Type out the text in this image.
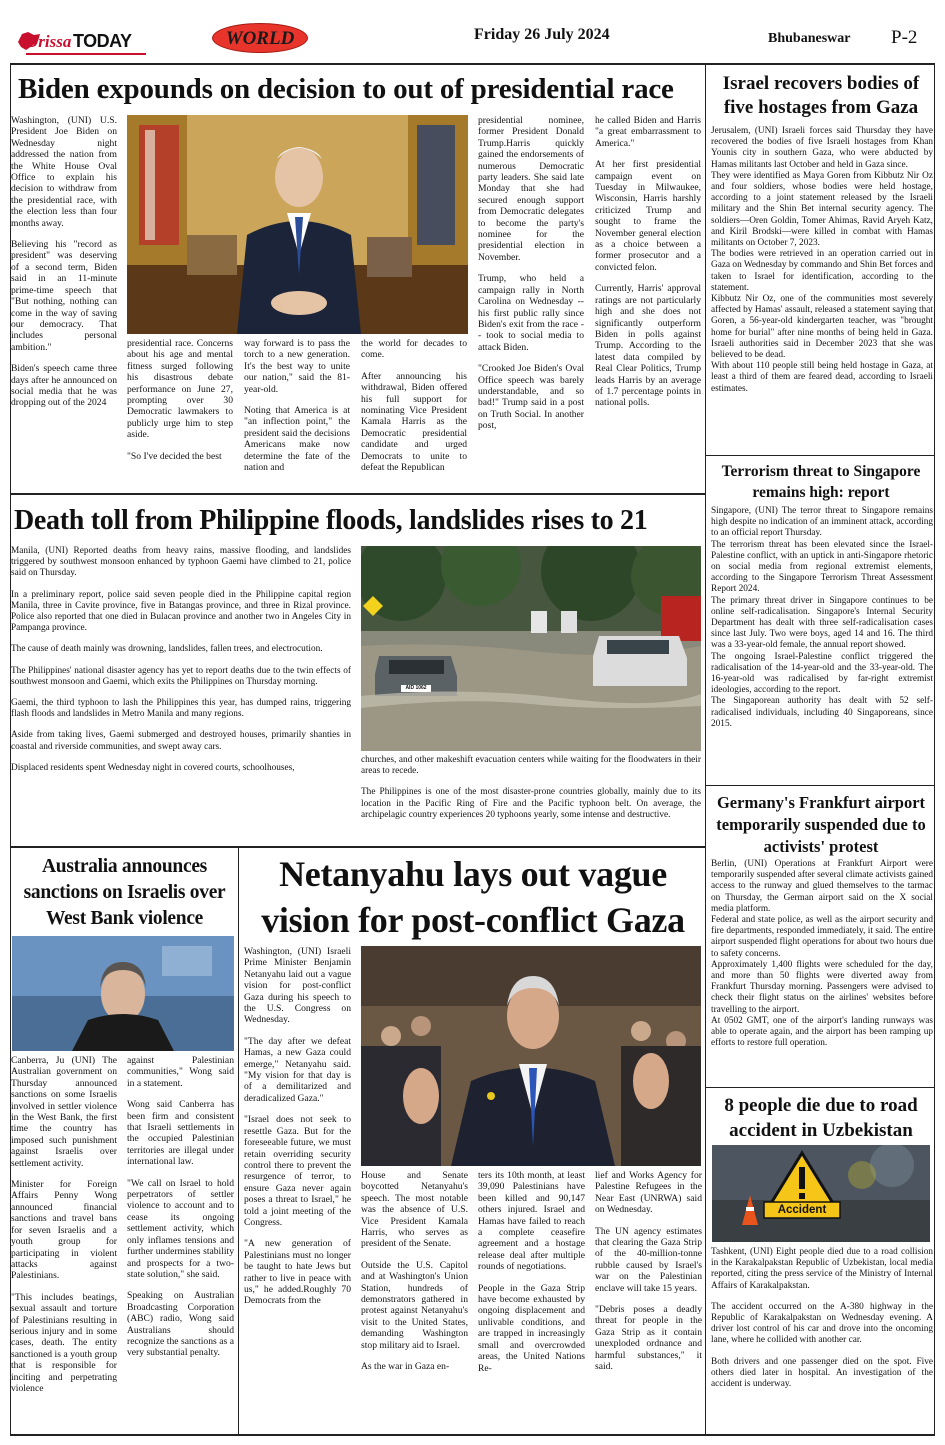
Orissa TODAY	WORLD	Friday 26 July 2024	Bhubaneswar P-2
Biden expounds on decision to out of presidential race

Washington, (UNI) U.S. President Joe Biden on Wednesday night addressed the nation from the White House Oval Office to explain his decision to withdraw from the presidential race, with the election less than four months away.

Believing his "record as president" was deserving of a second term, Biden said in an 11-minute prime-time speech that "But nothing, nothing can come in the way of saving our democracy. That includes personal ambition."

Biden's speech came three days after he announced on social media that he was dropping out of the 2024

presidential race. Concerns about his age and mental fitness surged following his disastrous debate performance on June 27, prompting over 30 Democratic lawmakers to publicly urge him to step aside.

"So I've decided the best

way forward is to pass the torch to a new generation. It's the best way to unite our nation," said the 81-year-old.

Noting that America is at "an inflection point," the president said the decisions Americans make now determine the fate of the nation and

the world for decades to come.

After announcing his withdrawal, Biden offered his full support for nominating Vice President Kamala Harris as the Democratic presidential candidate and urged Democrats to unite to defeat the Republican

presidential nominee, former President Donald Trump.Harris quickly gained the endorsements of numerous Democratic party leaders. She said late Monday that she had secured enough support from Democratic delegates to become the party's nominee for the presidential election in November.

Trump, who held a campaign rally in North Carolina on Wednesday -- his first public rally since Biden's exit from the race -- took to social media to attack Biden.

"Crooked Joe Biden's Oval Office speech was barely understandable, and so bad!" Trump said in a post on Truth Social. In another post,

he called Biden and Harris "a great embarrassment to America."

At her first presidential campaign event on Tuesday in Milwaukee, Wisconsin, Harris harshly criticized Trump and sought to frame the November general election as a choice between a former prosecutor and a convicted felon.

Currently, Harris' approval ratings are not particularly high and she does not significantly outperform Biden in polls against Trump. According to the latest data compiled by Real Clear Politics, Trump leads Harris by an average of 1.7 percentage points in national polls.

Israel recovers bodies of five hostages from Gaza

Jerusalem, (UNI) Israeli forces said Thursday they have recovered the bodies of five Israeli hostages from Khan Younis city in southern Gaza, who were abducted by Hamas militants last October and held in Gaza since.

They were identified as Maya Goren from Kibbutz Nir Oz and four soldiers, whose bodies were held hostage, according to a joint statement released by the Israeli military and the Shin Bet internal security agency. The soldiers—Oren Goldin, Tomer Ahimas, Ravid Aryeh Katz, and Kiril Brodski—were killed in combat with Hamas militants on October 7, 2023.

The bodies were retrieved in an operation carried out in Gaza on Wednesday by commando and Shin Bet forces and taken to Israel for identification, according to the statement.

Kibbutz Nir Oz, one of the communities most severely affected by Hamas' assault, released a statement saying that Goren, a 56-year-old kindergarten teacher, was "brought home for burial" after nine months of being held in Gaza. Israeli authorities said in December 2023 that she was believed to be dead.

With about 110 people still being held hostage in Gaza, at least a third of them are feared dead, according to Israeli estimates.

Terrorism threat to Singapore remains high: report

Singapore, (UNI) The terror threat to Singapore remains high despite no indication of an imminent attack, according to an official report Thursday.

The terrorism threat has been elevated since the Israel-Palestine conflict, with an uptick in anti-Singapore rhetoric on social media from regional extremist elements, according to the Singapore Terrorism Threat Assessment Report 2024.

The primary threat driver in Singapore continues to be online self-radicalisation. Singapore's Internal Security Department has dealt with three self-radicalisation cases since last July. Two were boys, aged 14 and 16. The third was a 33-year-old female, the annual report showed.

The ongoing Israel-Palestine conflict triggered the radicalisation of the 14-year-old and the 33-year-old. The 16-year-old was radicalised by far-right extremist ideologies, according to the report.

The Singaporean authority has dealt with 52 self-radicalised individuals, including 40 Singaporeans, since 2015.

Germany's Frankfurt airport temporarily suspended due to activists' protest

Berlin, (UNI) Operations at Frankfurt Airport were temporarily suspended after several climate activists gained access to the runway and glued themselves to the tarmac on Thursday, the German airport said on the X social media platform.

Federal and state police, as well as the airport security and fire departments, responded immediately, it said. The entire airport suspended flight operations for about two hours due to safety concerns.

Approximately 1,400 flights were scheduled for the day, and more than 50 flights were diverted away from Frankfurt Thursday morning. Passengers were advised to check their flight status on the airlines' websites before travelling to the airport.

At 0502 GMT, one of the airport's landing runways was able to operate again, and the airport has been ramping up efforts to restore full operation.

8 people die due to road accident in Uzbekistan
Accident

Tashkent, (UNI) Eight people died due to a road collision in the Karakalpakstan Republic of Uzbekistan, local media reported, citing the press service of the Ministry of Internal Affairs of Karakalpakstan.

The accident occurred on the A-380 highway in the Republic of Karakalpakstan on Wednesday evening. A driver lost control of his car and drove into the oncoming lane, where he collided with another car.

Both drivers and one passenger died on the spot. Five others died later in hospital. An investigation of the accident is underway.

Death toll from Philippine floods, landslides rises to 21

Manila, (UNI) Reported deaths from heavy rains, massive flooding, and landslides triggered by southwest monsoon enhanced by typhoon Gaemi have climbed to 21, police said on Thursday.

In a preliminary report, police said seven people died in the Philippine capital region Manila, three in Cavite province, five in Batangas province, and three in Rizal province. Police also reported that one died in Bulacan province and another two in Angeles City in Pampanga province.

The cause of death mainly was drowning, landslides, fallen trees, and electrocution.

The Philippines' national disaster agency has yet to report deaths due to the twin effects of southwest monsoon and Gaemi, which exits the Philippines on Thursday morning.

Gaemi, the third typhoon to lash the Philippines this year, has dumped rains, triggering flash floods and landslides in Metro Manila and many regions.

Aside from taking lives, Gaemi submerged and destroyed houses, primarily shanties in coastal and riverside communities, and swept away cars.

Displaced residents spent Wednesday night in covered courts, schoolhouses,

AID 1062

churches, and other makeshift evacuation centers while waiting for the floodwaters in their areas to recede.

The Philippines is one of the most disaster-prone countries globally, mainly due to its location in the Pacific Ring of Fire and the Pacific typhoon belt. On average, the archipelagic country experiences 20 typhoons yearly, some intense and destructive.

Australia announces sanctions on Israelis over West Bank violence

Canberra, Ju (UNI) The Australian government on Thursday announced sanctions on some Israelis involved in settler violence in the West Bank, the first time the country has imposed such punishment against Israelis over settlement activity.

Minister for Foreign Affairs Penny Wong announced financial sanctions and travel bans for seven Israelis and a youth group for participating in violent attacks against Palestinians.

"This includes beatings, sexual assault and torture of Palestinians resulting in serious injury and in some cases, death. The entity sanctioned is a youth group that is responsible for inciting and perpetrating violence

against Palestinian communities," Wong said in a statement.

Wong said Canberra has been firm and consistent that Israeli settlements in the occupied Palestinian territories are illegal under international law.

"We call on Israel to hold perpetrators of settler violence to account and to cease its ongoing settlement activity, which only inflames tensions and further undermines stability and prospects for a two-state solution," she said.

Speaking on Australian Broadcasting Corporation (ABC) radio, Wong said Australians should recognize the sanctions as a very substantial penalty.

Netanyahu lays out vague vision for post-conflict Gaza

Washington, (UNI) Israeli Prime Minister Benjamin Netanyahu laid out a vague vision for post-conflict Gaza during his speech to the U.S. Congress on Wednesday.

"The day after we defeat Hamas, a new Gaza could emerge," Netanyahu said. "My vision for that day is of a demilitarized and deradicalized Gaza."

"Israel does not seek to resettle Gaza. But for the foreseeable future, we must retain overriding security control there to prevent the resurgence of terror, to ensure Gaza never again poses a threat to Israel," he told a joint meeting of the Congress.

"A new generation of Palestinians must no longer be taught to hate Jews but rather to live in peace with us," he added.Roughly 70 Democrats from the

House and Senate boycotted Netanyahu's speech. The most notable was the absence of U.S. Vice President Kamala Harris, who serves as president of the Senate.

Outside the U.S. Capitol and at Washington's Union Station, hundreds of demonstrators gathered in protest against Netanyahu's visit to the United States, demanding Washington stop military aid to Israel.

As the war in Gaza en-

ters its 10th month, at least 39,090 Palestinians have been killed and 90,147 others injured. Israel and Hamas have failed to reach a complete ceasefire agreement and a hostage release deal after multiple rounds of negotiations.

People in the Gaza Strip have become exhausted by ongoing displacement and unlivable conditions, and are trapped in increasingly small and overcrowded areas, the United Nations Re-

lief and Works Agency for Palestine Refugees in the Near East (UNRWA) said on Wednesday.

The UN agency estimates that clearing the Gaza Strip of the 40-million-tonne rubble caused by Israel's war on the Palestinian enclave will take 15 years.

"Debris poses a deadly threat for people in the Gaza Strip as it contain unexploded ordnance and harmful substances," it said.
